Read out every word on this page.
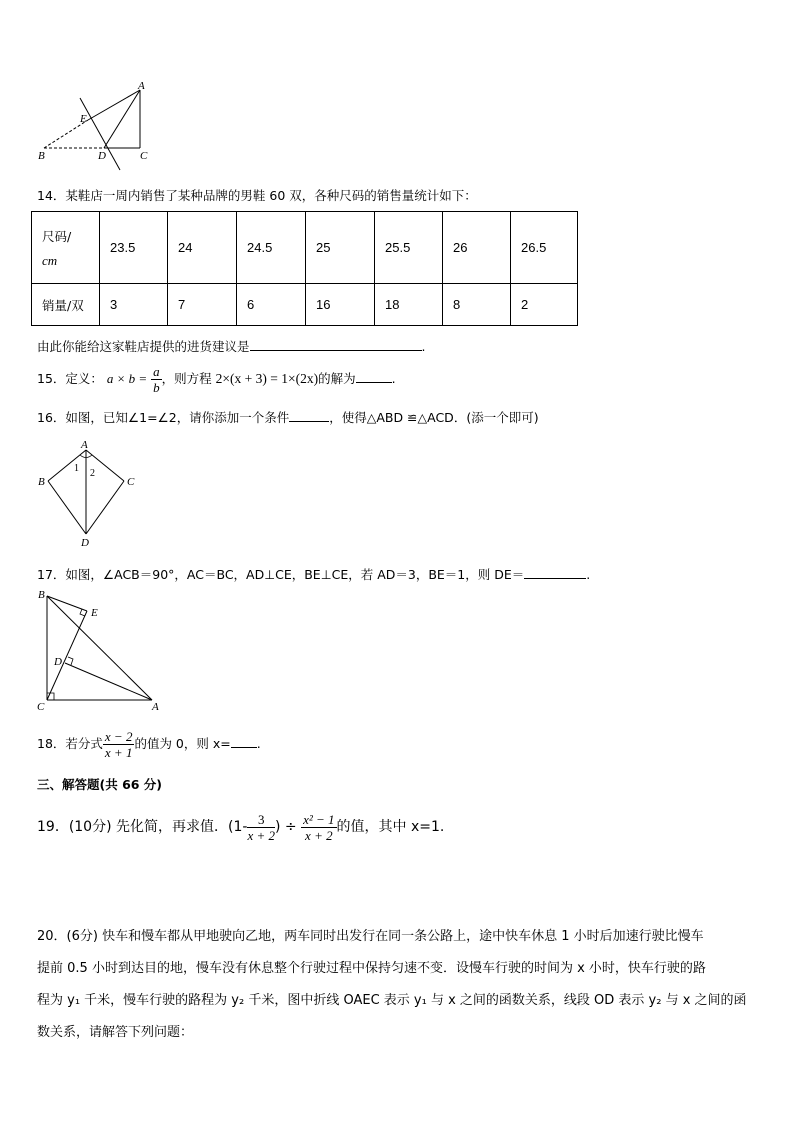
A
E
B	D	C
14．某鞋店一周内销售了某种品牌的男鞋 60 双，各种尺码的销售量统计如下：
尺码/
cm	23.5	24	24.5	25	25.5	26	26.5
销量/双	3	7	6	16	18	8	2
由此你能给这家鞋店提供的进货建议是	.
15．定义： $a \times b = \frac{a}{b}$ ，则方程 2×(x + 3) = 1×(2x)的解为	.
16．如图，已知∠1=∠2，请你添加一个条件	，使得△ABD ≌△ACD．(添一个即可)
A
B	C
D
1 2
17．如图，∠ACB＝90°，AC＝BC，AD⊥CE，BE⊥CE，若 AD＝3，BE＝1，则 DE＝	.
B
E
D
C	A
18．若分式 $\frac{x - 2}{x + 1}$ 的值为 0，则 x= .
三、解答题(共 66 分)
19．(10分) 先化简，再求值．($1- \frac{3}{x + 2}$ ) ÷ $\frac{\text{x² − 1}}{x + 2}$ 的值，其中 x=1.
20．(6分) 快车和慢车都从甲地驶向乙地，两车同时出发行在同一条公路上，途中快车休息 1 小时后加速行驶比慢车
提前 0.5 小时到达目的地，慢车没有休息整个行驶过程中保持匀速不变．设慢车行驶的时间为 x 小时，快车行驶的路
程为 y₁ 千米，慢车行驶的路程为 y₂ 千米，图中折线 OAEC 表示 y₁ 与 x 之间的函数关系，线段 OD 表示 y₂ 与 x 之间的函
数关系，请解答下列问题：
